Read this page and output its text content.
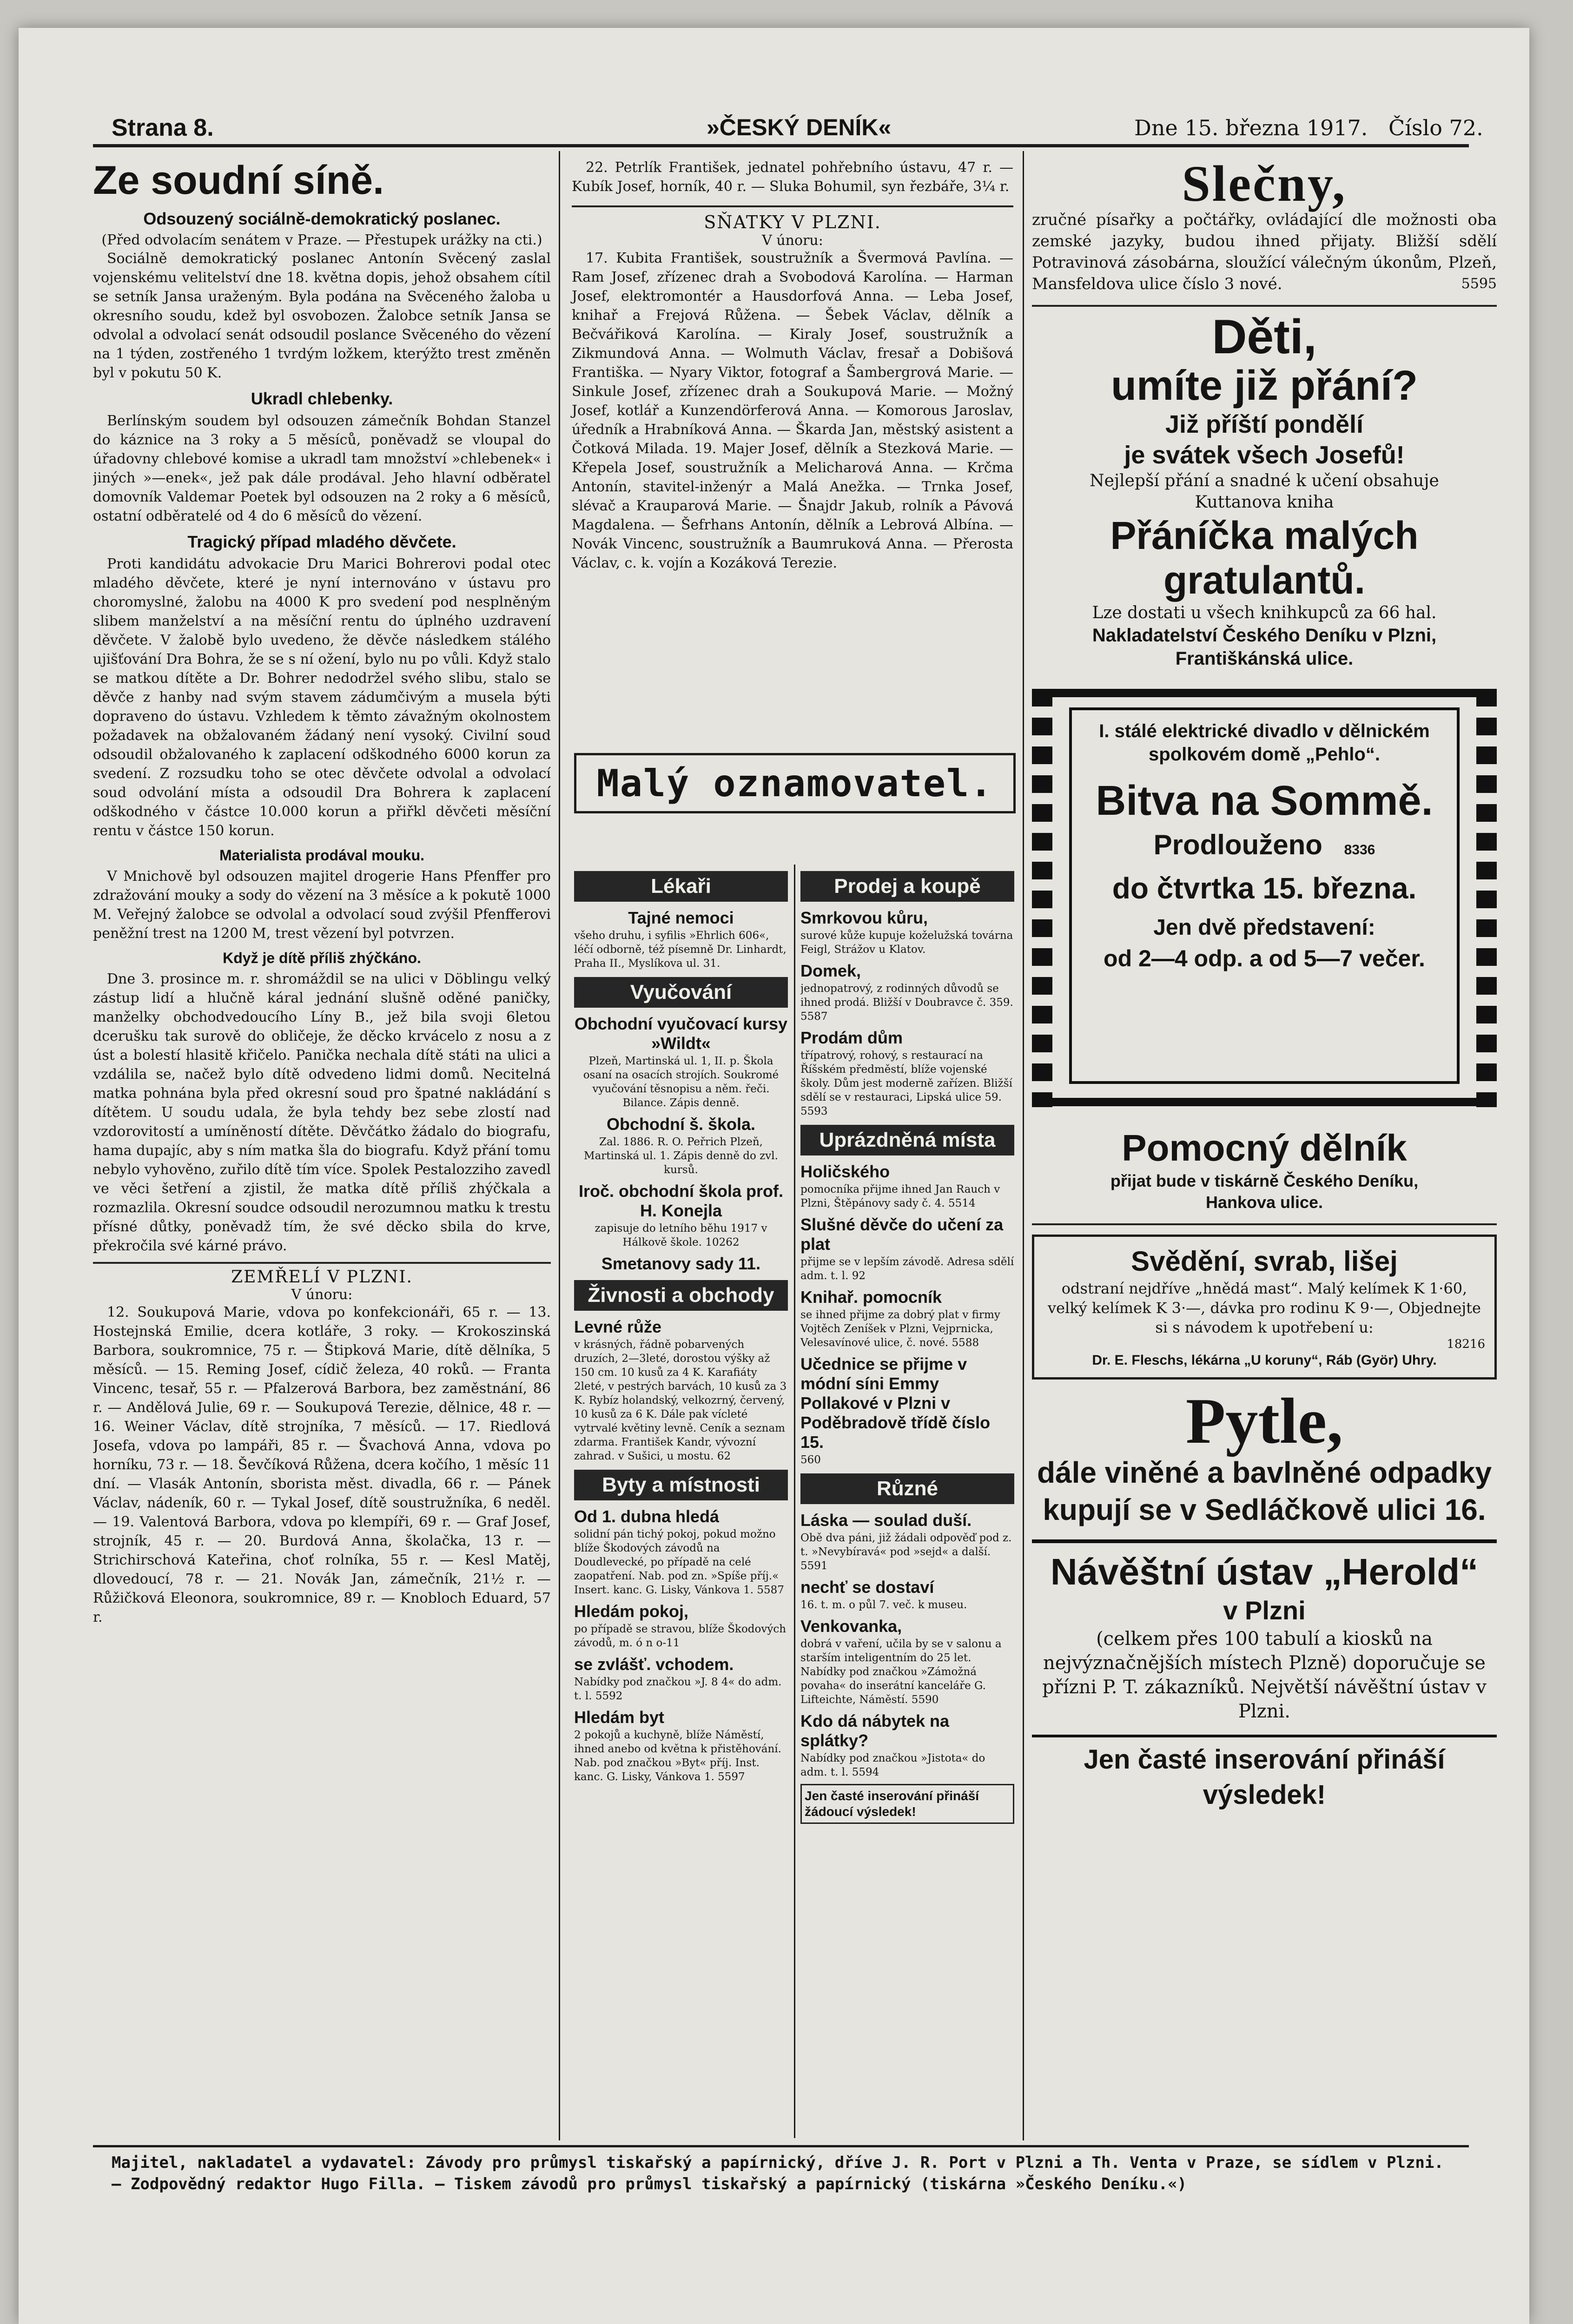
Strana 8.	»ČESKÝ DENÍK«	Dne 15. března 1917. Číslo 72.
Ze soudní síně.
Odsouzený sociálně-demokratický poslanec.
(Před odvolacím senátem v Praze. — Přestupek urážky na cti.)

Sociálně demokratický poslanec Antonín Svěcený zaslal vojenskému velitelství dne 18. května dopis, jehož obsahem cítil se setník Jansa uraženým. Byla podána na Svěceného žaloba u okresního soudu, kdež byl osvobozen. Žalobce setník Jansa se odvolal a odvolací senát odsoudil poslance Svěceného do vězení na 1 týden, zostřeného 1 tvrdým ložkem, kterýžto trest změněn byl v pokutu 50 K.

Ukradl chlebenky.

Berlínským soudem byl odsouzen zámečník Bohdan Stanzel do káznice na 3 roky a 5 měsíců, poněvadž se vloupal do úřadovny chlebové komise a ukradl tam množství »chlebenek« i jiných »—enek«, jež pak dále prodával. Jeho hlavní odběratel domovník Valdemar Poetek byl odsouzen na 2 roky a 6 měsíců, ostatní odběratelé od 4 do 6 měsíců do vězení.

Tragický případ mladého děvčete.

Proti kandidátu advokacie Dru Marici Bohrerovi podal otec mladého děvčete, které je nyní internováno v ústavu pro choromyslné, žalobu na 4000 K pro svedení pod nesplněným slibem manželství a na měsíční rentu do úplného uzdravení děvčete. V žalobě bylo uvedeno, že děvče následkem stálého ujišťování Dra Bohra, že se s ní ožení, bylo nu po vůli. Když stalo se matkou dítěte a Dr. Bohrer nedodržel svého slibu, stalo se děvče z hanby nad svým stavem zádumčivým a musela býti dopraveno do ústavu. Vzhledem k těmto závažným okolnostem požadavek na obžalovaném žádaný není vysoký. Civilní soud odsoudil obžalovaného k zaplacení odškodného 6000 korun za svedení. Z rozsudku toho se otec děvčete odvolal a odvolací soud odvolání místa a odsoudil Dra Bohrera k zaplacení odškodného v částce 10.000 korun a přiřkl děvčeti měsíční rentu v částce 150 korun.

Materialista prodával mouku.

V Mnichově byl odsouzen majitel drogerie Hans Pfenffer pro zdražování mouky a sody do vězení na 3 měsíce a k pokutě 1000 M. Veřejný žalobce se odvolal a odvolací soud zvýšil Pfenfferovi peněžní trest na 1200 M, trest vězení byl potvrzen.

Když je dítě příliš zhýčkáno.

Dne 3. prosince m. r. shromáždil se na ulici v Döblingu velký zástup lidí a hlučně káral jednání slušně oděné paničky, manželky obchodvedoucího Líny B., jež bila svoji 6letou dcerušku tak surově do obličeje, že děcko krvácelo z nosu a z úst a bolestí hlasitě křičelo. Panička nechala dítě státi na ulici a vzdálila se, načež bylo dítě odvedeno lidmi domů. Necitelná matka pohnána byla před okresní soud pro špatné nakládání s dítětem. U soudu udala, že byla tehdy bez sebe zlostí nad vzdorovitostí a umíněností dítěte. Děvčátko žádalo do biografu, hama dupajíc, aby s ním matka šla do biografu. Když přání tomu nebylo vyhověno, zuřilo dítě tím více. Spolek Pestalozziho zavedl ve věci šetření a zjistil, že matka dítě příliš zhýčkala a rozmazlila. Okresní soudce odsoudil nerozumnou matku k trestu přísné důtky, poněvadž tím, že své děcko sbila do krve, překročila své kárné právo.

ZEMŘELÍ V PLZNI.
V únoru:

12. Soukupová Marie, vdova po konfekcionáři, 65 r. — 13. Hostejnská Emilie, dcera kotláře, 3 roky. — Krokoszinská Barbora, soukromnice, 75 r. — Štipková Marie, dítě dělníka, 5 měsíců. — 15. Reming Josef, cídič železa, 40 roků. — Franta Vincenc, tesař, 55 r. — Pfalzerová Barbora, bez zaměstnání, 86 r. — Andělová Julie, 69 r. — Soukupová Terezie, dělnice, 48 r. — 16. Weiner Václav, dítě strojníka, 7 měsíců. — 17. Riedlová Josefa, vdova po lampáři, 85 r. — Švachová Anna, vdova po horníku, 73 r. — 18. Ševčíková Růžena, dcera kočího, 1 měsíc 11 dní. — Vlasák Antonín, sborista měst. divadla, 66 r. — Pánek Václav, nádeník, 60 r. — Tykal Josef, dítě soustružníka, 6 neděl. — 19. Valentová Barbora, vdova po klempíři, 69 r. — Graf Josef, strojník, 45 r. — 20. Burdová Anna, školačka, 13 r. — Strichirschová Kateřina, choť rolníka, 55 r. — Kesl Matěj, dlovedoucí, 78 r. — 21. Novák Jan, zámečník, 21½ r. — Růžičková Eleonora, soukromnice, 89 r. — Knobloch Eduard, 57 r.

22. Petrlík František, jednatel pohřebního ústavu, 47 r. — Kubík Josef, horník, 40 r. — Sluka Bohumil, syn řezbáře, 3¼ r.

SŇATKY V PLZNI.
V únoru:

17. Kubita František, soustružník a Švermová Pavlína. — Ram Josef, zřízenec drah a Svobodová Karolína. — Harman Josef, elektromontér a Hausdorfová Anna. — Leba Josef, knihař a Frejová Růžena. — Šebek Václav, dělník a Bečvářiková Karolína. — Kiraly Josef, soustružník a Zikmundová Anna. — Wolmuth Václav, fresař a Dobišová Františka. — Nyary Viktor, fotograf a Šambergrová Marie. — Sinkule Josef, zřízenec drah a Soukupová Marie. — Možný Josef, kotlář a Kunzendörferová Anna. — Komorous Jaroslav, úředník a Hrabníková Anna. — Škarda Jan, městský asistent a Čotková Milada. 19. Majer Josef, dělník a Stezková Marie. — Křepela Josef, soustružník a Melicharová Anna. — Krčma Antonín, stavitel-inženýr a Malá Anežka. — Trnka Josef, slévač a Krauparová Marie. — Šnajdr Jakub, rolník a Pávová Magdalena. — Šefrhans Antonín, dělník a Lebrová Albína. — Novák Vincenc, soustružník a Baumruková Anna. — Přerosta Václav, c. k. vojín a Kozáková Terezie.

Malý oznamovatel.
Lékaři
Tajné nemoci
všeho druhu, i syfilis »Ehrlich 606«, léčí odborně, též písemně Dr. Linhardt, Praha II., Myslíkova ul. 31.
Vyučování
Obchodní vyučovací kursy »Wildt«
Plzeň, Martinská ul. 1, II. p. Škola osaní na osacích strojích. Soukromé vyučování těsnopisu a něm. řeči. Bilance. Zápis denně.
Obchodní š. škola.
Zal. 1886. R. O. Peřrich Plzeň, Martinská ul. 1. Zápis denně do zvl. kursů.
Iroč. obchodní škola prof. H. Konejla
zapisuje do letního běhu 1917 v Hálkově škole. 10262
Smetanovy sady 11.
Živnosti a obchody
Levné růže
v krásných, řádně pobarvených druzích, 2—3leté, dorostou výšky až 150 cm. 10 kusů za 4 K. Karafiáty 2leté, v pestrých barvách, 10 kusů za 3 K. Rybíz holandský, velkozrný, červený, 10 kusů za 6 K. Dále pak vícleté vytrvalé květiny levně. Ceník a seznam zdarma. František Kandr, vývozní zahrad. v Sušici, u mostu. 62
Byty a místnosti
Od 1. dubna hledá
solidní pán tichý pokoj, pokud možno blíže Škodových závodů na Doudlevecké, po případě na celé zaopatření. Nab. pod zn. »Spíše příj.« Insert. kanc. G. Lisky, Vánkova 1. 5587
Hledám pokoj,
po případě se stravou, blíže Škodových závodů, m. ó n o-11
se zvlášť. vchodem.
Nabídky pod značkou »J. 8 4« do adm. t. l. 5592
Hledám byt
2 pokojů a kuchyně, blíže Náměstí, ihned anebo od května k přistěhování. Nab. pod značkou »Byt« příj. Inst. kanc. G. Lisky, Vánkova 1. 5597
Prodej a koupě
Smrkovou kůru,
surové kůže kupuje koželužská továrna Feigl, Strážov u Klatov.
Domek,
jednopatrový, z rodinných důvodů se ihned prodá. Bližší v Doubravce č. 359. 5587
Prodám dům
třípatrový, rohový, s restaurací na Říšském předměstí, blíže vojenské školy. Dům jest moderně zařízen. Bližší sdělí se v restauraci, Lipská ulice 59. 5593
Uprázdněná místa
Holičského
pomocníka přijme ihned Jan Rauch v Plzni, Štěpánovy sady č. 4. 5514
Slušné děvče do učení za plat
přijme se v lepším závodě. Adresa sdělí adm. t. l. 92
Knihař. pomocník
se ihned přijme za dobrý plat v firmy Vojtěch Zeníšek v Plzni, Vejprnicka, Velesavínové ulice, č. nové. 5588
Učednice se přijme v módní síni Emmy Pollakové v Plzni v Poděbradově třídě číslo 15.
560
Různé
Láska — soulad duší.
Obě dva páni, již žádali odpověď pod z. t. »Nevybíravá« pod »sejd« a další. 5591
nechť se dostaví
16. t. m. o půl 7. več. k museu.
Venkovanka,
dobrá v vaření, učila by se v salonu a starším inteligentním do 25 let. Nabídky pod značkou »Zámožná povaha« do inserátní kanceláře G. Lifteichte, Náměstí. 5590
Kdo dá nábytek na splátky?
Nabídky pod značkou »Jistota« do adm. t. l. 5594
Jen časté inserování přináší žádoucí výsledek!
Slečny,
zručné písařky a počtářky, ovládající dle možnosti oba zemské jazyky, budou ihned přijaty. Bližší sdělí Potravinová zásobárna, sloužící válečným úkonům, Plzeň, Mansfeldova ulice číslo 3 nové.	5595
Děti,
umíte již přání?
Již příští pondělí
je svátek všech Josefů!
Nejlepší přání a snadné k učení obsahuje Kuttanova kniha
Přáníčka malých gratulantů.
Lze dostati u všech knihkupců za 66 hal.
Nakladatelství Českého Deníku v Plzni, Františkánská ulice.
I. stálé elektrické divadlo v dělnickém spolkovém domě „Pehlo“.
Bitva na Sommě.
Prodlouženo 8336
do čtvrtka 15. března.
Jen dvě představení:
od 2—4 odp. a od 5—7 večer.
Pomocný dělník
přijat bude v tiskárně Českého Deníku, Hankova ulice.
Svědění, svrab, lišej
odstraní nejdříve „hnědá mast“. Malý kelímek K 1·60, velký kelímek K 3·—, dávka pro rodinu K 9·—, Objednejte si s návodem k upotřebení u:
18216
Dr. E. Fleschs, lékárna „U koruny“, Ráb (Györ) Uhry.
Pytle,
dále viněné a bavlněné odpadky kupují se v Sedláčkově ulici 16.
Návěštní ústav „Herold“
v Plzni
(celkem přes 100 tabulí a kiosků na nejvýznačnějších místech Plzně) doporučuje se přízni P. T. zákazníků. Největší návěštní ústav v Plzni.
Jen časté inserování přináší výsledek!
Majitel, nakladatel a vydavatel: Závody pro průmysl tiskařský a papírnický, dříve J. R. Port v Plzni a Th. Venta v Praze, se sídlem v Plzni. — Zodpovědný redaktor Hugo Filla. — Tiskem závodů pro průmysl tiskařský a papírnický (tiskárna »Českého Deníku.«)
